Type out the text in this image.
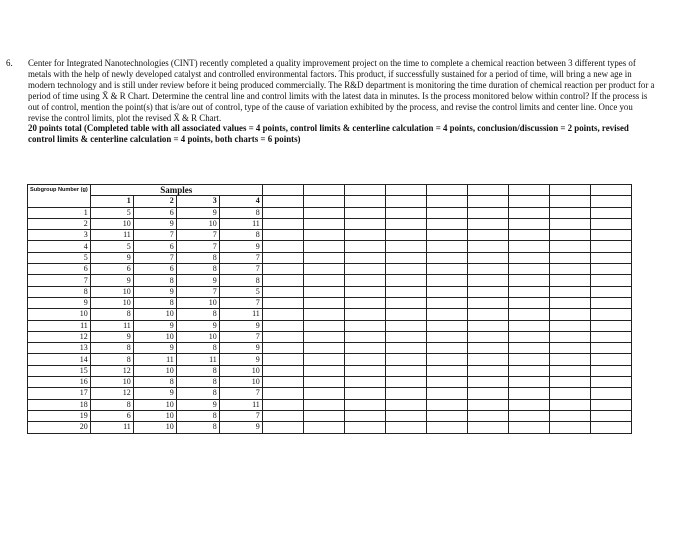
6. Center for Integrated Nanotechnologies (CINT) recently completed a quality improvement project on the time to complete a chemical reaction between 3 different types of metals with the help of newly developed catalyst and controlled environmental factors. This product, if successfully sustained for a period of time, will bring a new age in modern technology and is still under review before it being produced commercially. The R&D department is monitoring the time duration of chemical reaction per product for a period of time using X̄ & R Chart. Determine the central line and control limits with the latest data in minutes. Is the process monitored below within control? If the process is out of control, mention the point(s) that is/are out of control, type of the cause of variation exhibited by the process, and revise the control limits and center line. Once you revise the control limits, plot the revised X̄ & R Chart.
20 points total (Completed table with all associated values = 4 points, control limits & centerline calculation = 4 points, conclusion/discussion = 2 points, revised control limits & centerline calculation = 4 points, both charts = 6 points)
Subgroup Number (g)	Samples												
	1	2	3	4									
1	5	6	9	8									
2	10	9	10	11									
3	11	7	7	8									
4	5	6	7	9									
5	9	7	8	7									
6	6	6	8	7									
7	9	8	9	8									
8	10	9	7	5									
9	10	8	10	7									
10	8	10	8	11									
11	11	9	9	9									
12	9	10	10	7									
13	8	9	8	9									
14	8	11	11	9									
15	12	10	8	10									
16	10	8	8	10									
17	12	9	8	7									
18	8	10	9	11									
19	6	10	8	7									
20	11	10	8	9									
